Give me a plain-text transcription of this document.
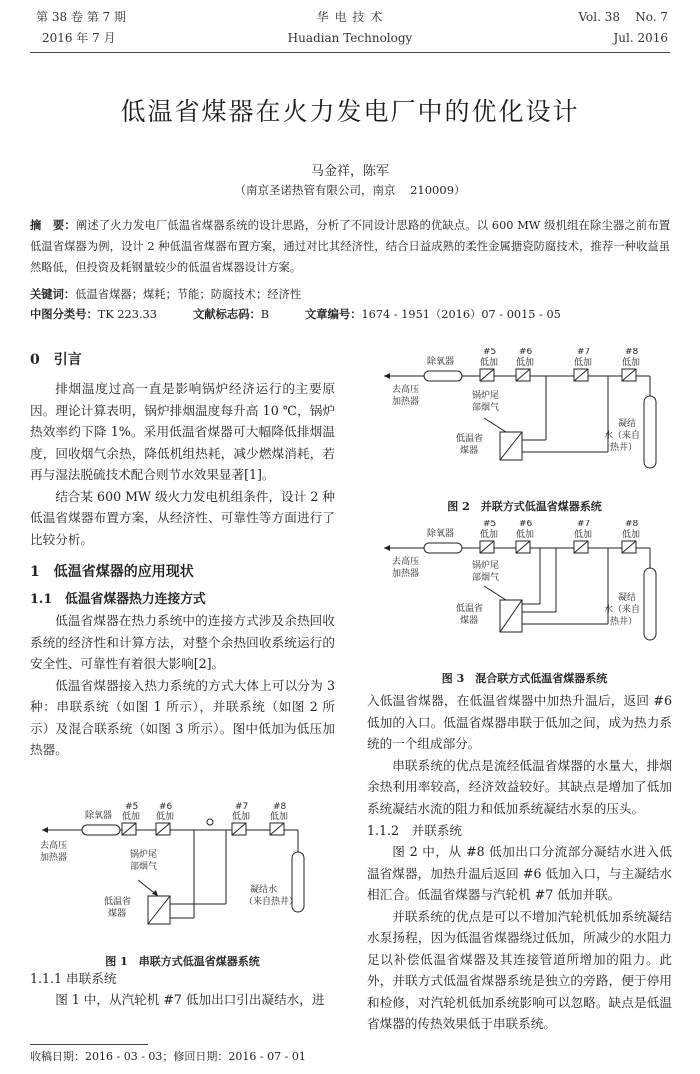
第 38 卷 第 7 期
2016 年 7 月
华 电 技 术
Huadian Technology
Vol. 38    No. 7
Jul. 2016
低温省煤器在火力发电厂中的优化设计
马金祥，陈军
（南京圣诺热管有限公司，南京    210009）
摘　要：阐述了火力发电厂低温省煤器系统的设计思路，分析了不同设计思路的优缺点。以 600 MW 级机组在除尘器之前布置低温省煤器为例，设计 2 种低温省煤器布置方案，通过对比其经济性，结合日益成熟的柔性金属搪瓷防腐技术，推荐一种收益虽然略低，但投资及耗钢量较少的低温省煤器设计方案。
关键词：低温省煤器；煤耗；节能；防腐技术；经济性
中图分类号：TK 223.33	文献标志码：B	文章编号：1674 - 1951（2016）07 - 0015 - 05
0　引言

排烟温度过高一直是影响锅炉经济运行的主要原因。理论计算表明，锅炉排烟温度每升高 10 ℃，锅炉热效率约下降 1%。采用低温省煤器可大幅降低排烟温度，回收烟气余热，降低机组热耗，减少燃煤消耗，若再与湿法脱硫技术配合则节水效果显著[1]。

结合某 600 MW 级火力发电机组条件，设计 2 种低温省煤器布置方案，从经济性、可靠性等方面进行了比较分析。

1　低温省煤器的应用现状
1.1　低温省煤器热力连接方式

低温省煤器在热力系统中的连接方式涉及余热回收系统的经济性和计算方法，对整个余热回收系统运行的安全性、可靠性有着很大影响[2]。

低温省煤器接入热力系统的方式大体上可以分为 3 种：串联系统（如图 1 所示），并联系统（如图 2 所示）及混合联系统（如图 3 所示）。图中低加为低压加热器。

除氧器
#5
低加
#6
低加
#7
低加
#8
低加
去高压
加热器	锅炉尾
部烟气
低温省
煤器
凝结水
（来自热井）
图 1　串联方式低温省煤器系统
1.1.1 串联系统

图 1 中，从汽轮机 #7 低加出口引出凝结水，进

收稿日期：2016 - 03 - 03；修回日期：2016 - 07 - 01
除氧器
#5
低加
#6
低加
#7
低加
#8
低加
去高压
加热器
锅炉尾
部烟气
低温省
煤器
凝结
水（来自
热井）
图 2　并联方式低温省煤器系统
除氧器
#5
低加
#6
低加
#7
低加
#8
低加
去高压
加热器
锅炉尾
部烟气
低温省
煤器
凝结
水（来自
热井）
图 3　混合联方式低温省煤器系统

入低温省煤器，在低温省煤器中加热升温后，返回 #6 低加的入口。低温省煤器串联于低加之间，成为热力系统的一个组成部分。

串联系统的优点是流经低温省煤器的水量大，排烟余热利用率较高，经济效益较好。其缺点是增加了低加系统凝结水流的阻力和低加系统凝结水泵的压头。

1.1.2　并联系统

图 2 中，从 #8 低加出口分流部分凝结水进入低温省煤器，加热升温后返回 #6 低加入口，与主凝结水相汇合。低温省煤器与汽轮机 #7 低加并联。

并联系统的优点是可以不增加汽轮机低加系统凝结水泵扬程，因为低温省煤器绕过低加，所减少的水阻力足以补偿低温省煤器及其连接管道所增加的阻力。此外，并联方式低温省煤器系统是独立的旁路，便于停用和检修，对汽轮机低加系统影响可以忽略。缺点是低温省煤器的传热效果低于串联系统。
